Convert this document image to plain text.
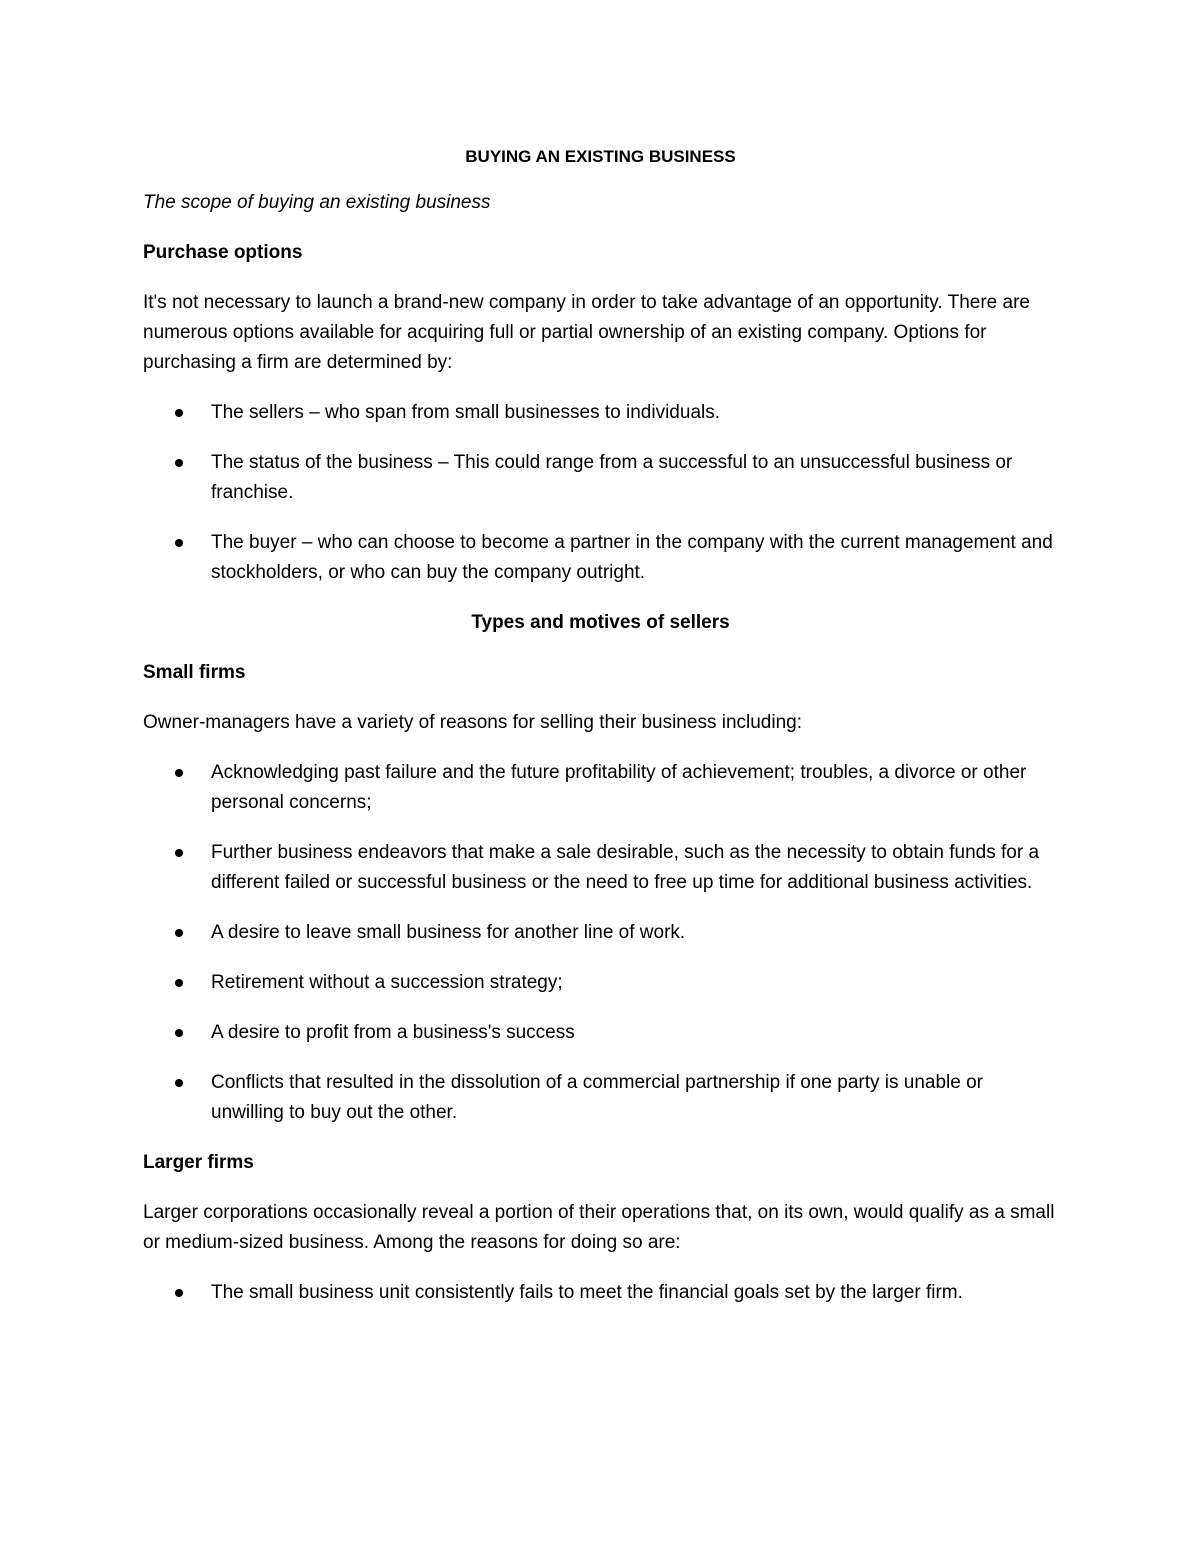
BUYING AN EXISTING BUSINESS
The scope of buying an existing business
Purchase options
It's not necessary to launch a brand-new company in order to take advantage of an opportunity. There are numerous options available for acquiring full or partial ownership of an existing company. Options for purchasing a firm are determined by:
The sellers – who span from small businesses to individuals.
The status of the business – This could range from a successful to an unsuccessful business or franchise.
The buyer – who can choose to become a partner in the company with the current management and stockholders, or who can buy the company outright.
Types and motives of sellers
Small firms
Owner-managers have a variety of reasons for selling their business including:
Acknowledging past failure and the future profitability of achievement; troubles, a divorce or other personal concerns;
Further business endeavors that make a sale desirable, such as the necessity to obtain funds for a different failed or successful business or the need to free up time for additional business activities.
A desire to leave small business for another line of work.
Retirement without a succession strategy;
A desire to profit from a business's success
Conflicts that resulted in the dissolution of a commercial partnership if one party is unable or unwilling to buy out the other.
Larger firms
Larger corporations occasionally reveal a portion of their operations that, on its own, would qualify as a small or medium-sized business. Among the reasons for doing so are:
The small business unit consistently fails to meet the financial goals set by the larger firm.
